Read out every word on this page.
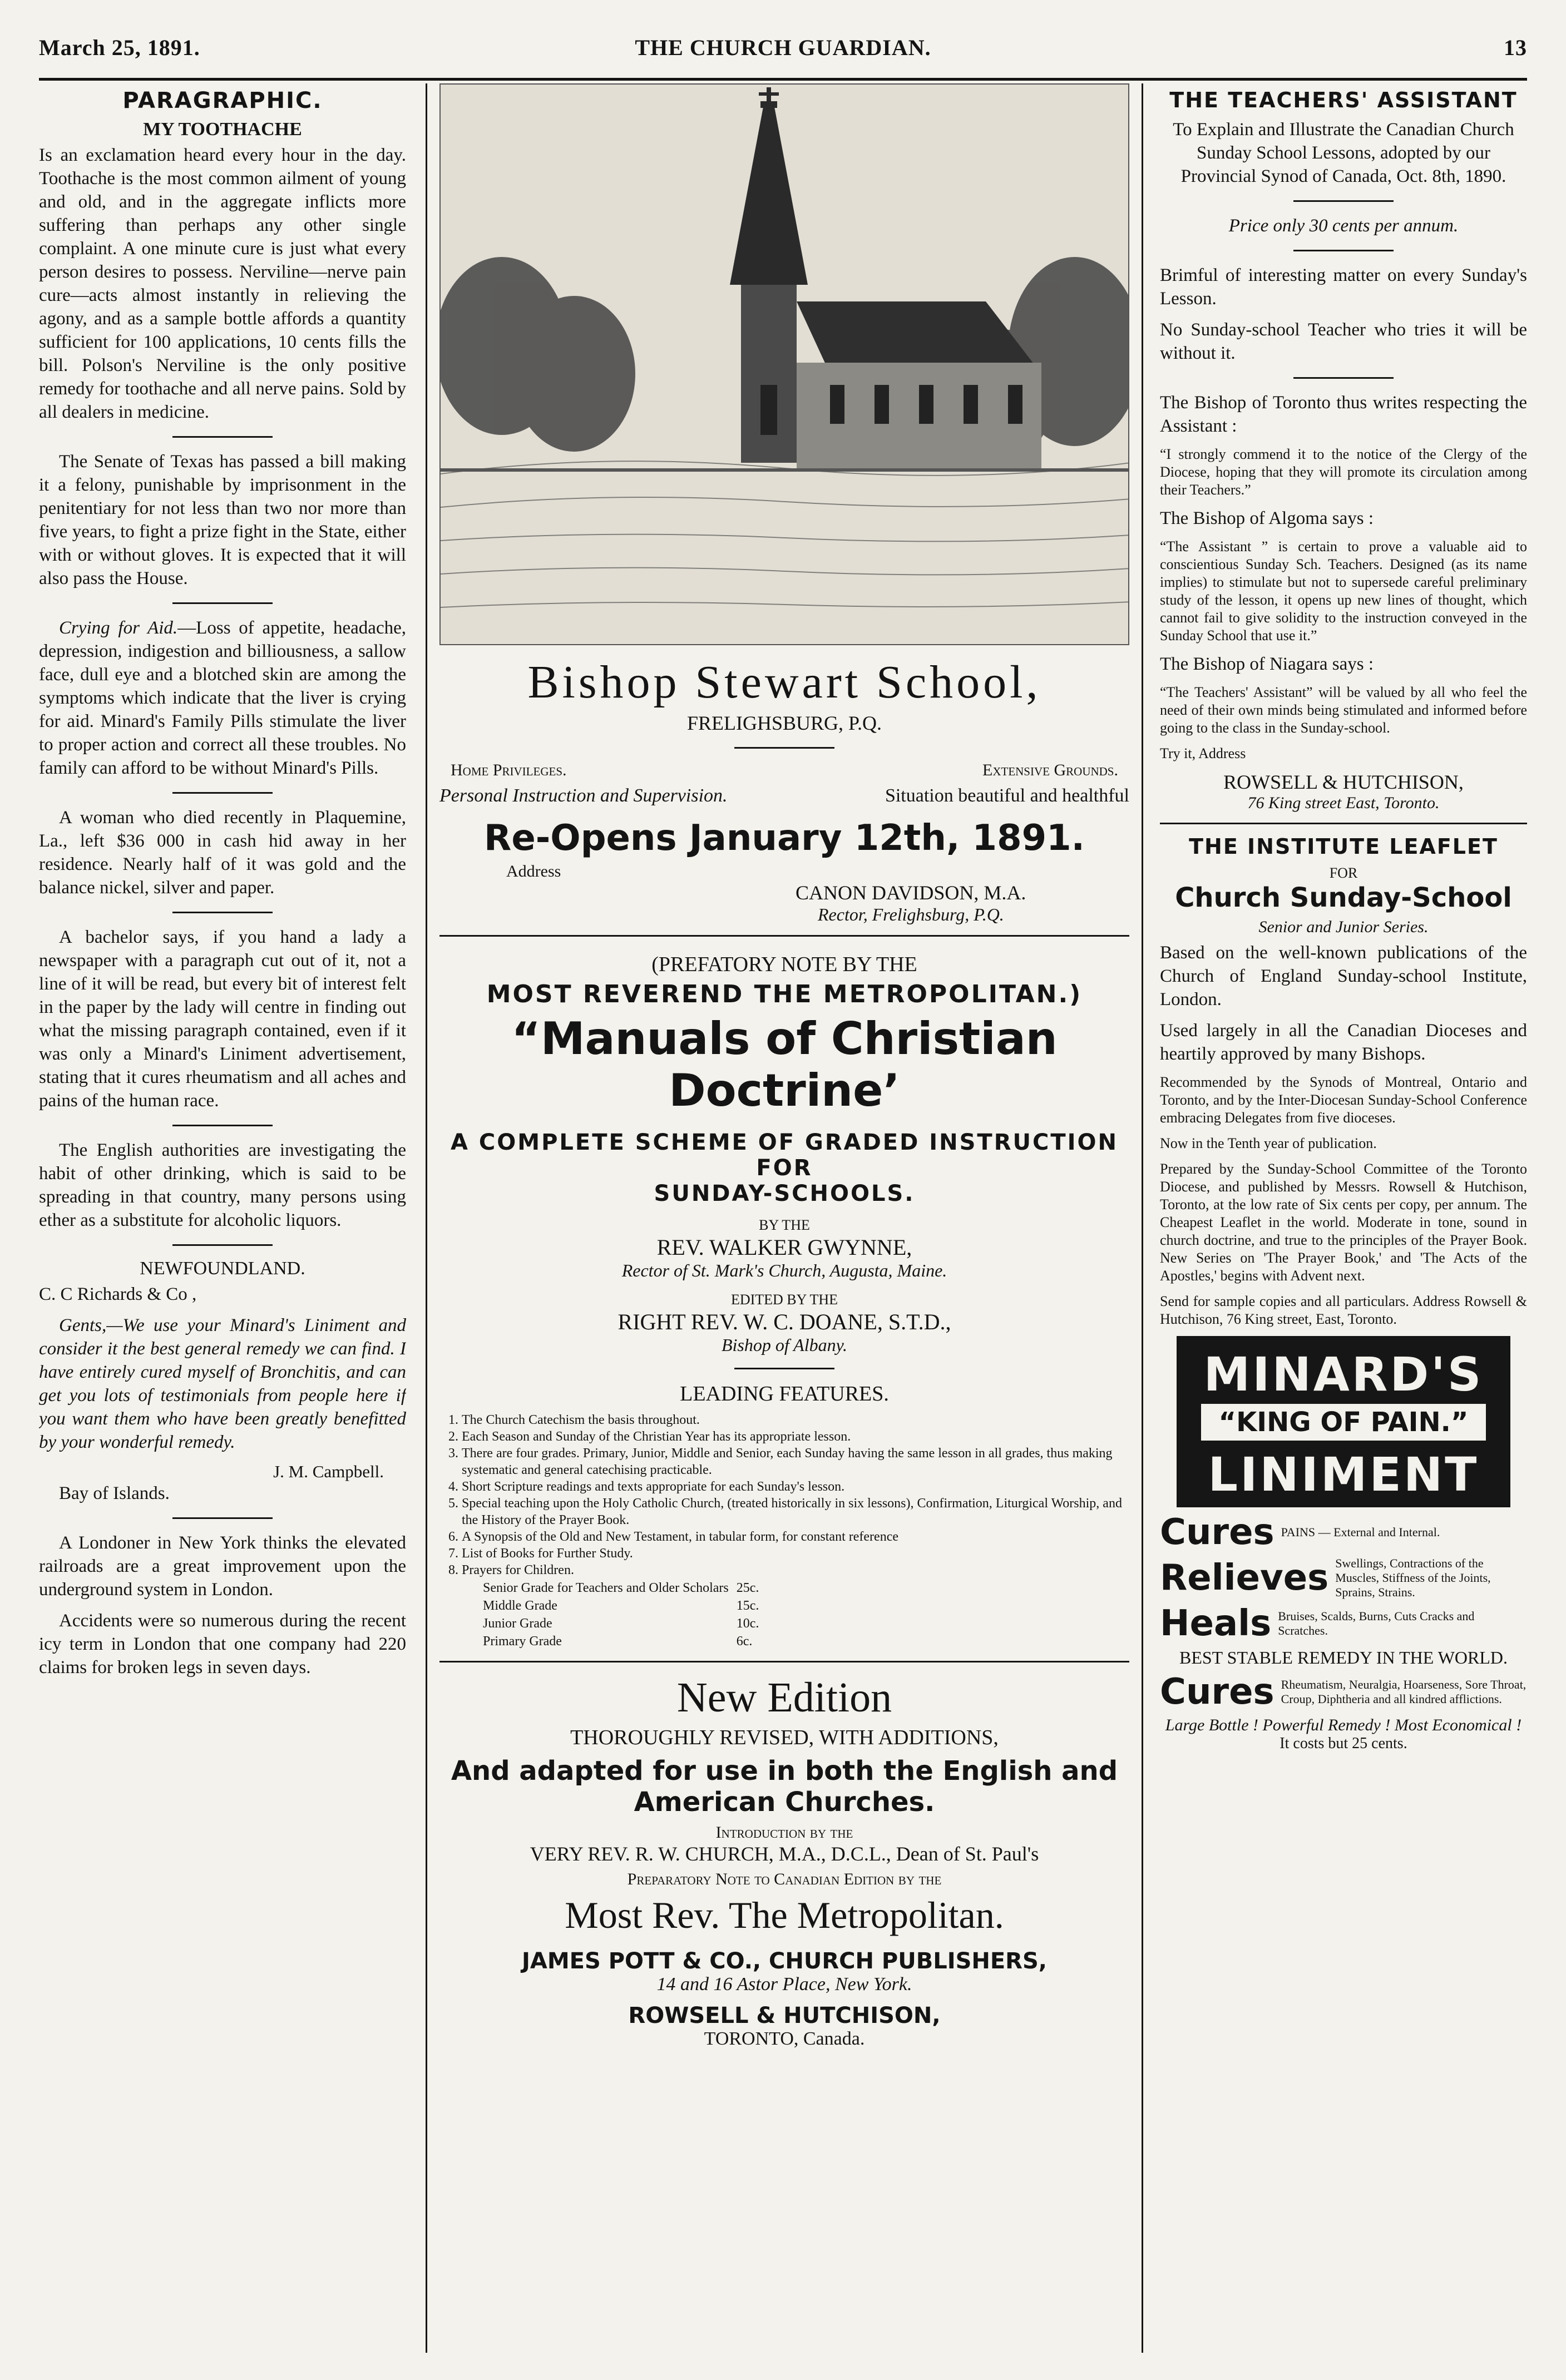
March 25, 1891.	THE CHURCH GUARDIAN.	13
PARAGRAPHIC.
MY TOOTHACHE

Is an exclamation heard every hour in the day. Toothache is the most common ailment of young and old, and in the aggregate inflicts more suffering than perhaps any other single complaint. A one minute cure is just what every person desires to possess. Nerviline—nerve pain cure—acts almost instantly in relieving the agony, and as a sample bottle affords a quantity sufficient for 100 applications, 10 cents fills the bill. Polson's Nerviline is the only positive remedy for toothache and all nerve pains. Sold by all dealers in medicine.

The Senate of Texas has passed a bill making it a felony, punishable by imprisonment in the penitentiary for not less than two nor more than five years, to fight a prize fight in the State, either with or without gloves. It is expected that it will also pass the House.

Crying for Aid.—Loss of appetite, headache, depression, indigestion and billiousness, a sallow face, dull eye and a blotched skin are among the symptoms which indicate that the liver is crying for aid. Minard's Family Pills stimulate the liver to proper action and correct all these troubles. No family can afford to be without Minard's Pills.

A woman who died recently in Plaquemine, La., left $36 000 in cash hid away in her residence. Nearly half of it was gold and the balance nickel, silver and paper.

A bachelor says, if you hand a lady a newspaper with a paragraph cut out of it, not a line of it will be read, but every bit of interest felt in the paper by the lady will centre in finding out what the missing paragraph contained, even if it was only a Minard's Liniment advertisement, stating that it cures rheumatism and all aches and pains of the human race.

The English authorities are investigating the habit of other drinking, which is said to be spreading in that country, many persons using ether as a substitute for alcoholic liquors.

NEWFOUNDLAND.

C. C Richards & Co ,

Gents,—We use your Minard's Liniment and consider it the best general remedy we can find. I have entirely cured myself of Bronchitis, and can get you lots of testimonials from people here if you want them who have been greatly benefitted by your wonderful remedy.

J. M. Campbell.

Bay of Islands.

A Londoner in New York thinks the elevated railroads are a great improvement upon the underground system in London.

Accidents were so numerous during the recent icy term in London that one company had 220 claims for broken legs in seven days.

Bishop Stewart School,
FRELIGHSBURG, P.Q.
Home Privileges.	Extensive Grounds.
Personal Instruction and Supervision.	Situation beautiful and healthful
Re-Opens January 12th, 1891.
Address
CANON DAVIDSON, M.A.
Rector, Frelighsburg, P.Q.
(PREFATORY NOTE BY THE
MOST REVEREND THE METROPOLITAN.)
“Manuals of Christian Doctrine’
A COMPLETE SCHEME OF GRADED INSTRUCTION FOR
SUNDAY-SCHOOLS.
BY THE
REV. WALKER GWYNNE,
Rector of St. Mark's Church, Augusta, Maine.
EDITED BY THE
RIGHT REV. W. C. DOANE, S.T.D.,
Bishop of Albany.
LEADING FEATURES.
1. The Church Catechism the basis throughout.
2. Each Season and Sunday of the Christian Year has its appropriate lesson.
3. There are four grades. Primary, Junior, Middle and Senior, each Sunday having the same lesson in all grades, thus making systematic and general catechising practicable.
4. Short Scripture readings and texts appropriate for each Sunday's lesson.
5. Special teaching upon the Holy Catholic Church, (treated historically in six lessons), Confirmation, Liturgical Worship, and the History of the Prayer Book.
6. A Synopsis of the Old and New Testament, in tabular form, for constant reference
7. List of Books for Further Study.
8. Prayers for Children.
Senior Grade for Teachers and Older Scholars	25c.
Middle Grade	15c.
Junior Grade	10c.
Primary Grade	6c.
New Edition
THOROUGHLY REVISED, WITH ADDITIONS,
And adapted for use in both the English and American Churches.
Introduction by the
VERY REV. R. W. CHURCH, M.A., D.C.L., Dean of St. Paul's
Preparatory Note to Canadian Edition by the
Most Rev. The Metropolitan.
JAMES POTT & CO., CHURCH PUBLISHERS,
14 and 16 Astor Place, New York.
ROWSELL & HUTCHISON,
TORONTO, Canada.
THE TEACHERS' ASSISTANT

To Explain and Illustrate the Canadian Church Sunday School Lessons, adopted by our Provincial Synod of Canada, Oct. 8th, 1890.

Price only 30 cents per annum.

Brimful of interesting matter on every Sunday's Lesson.

No Sunday-school Teacher who tries it will be without it.

The Bishop of Toronto thus writes respecting the Assistant :

“I strongly commend it to the notice of the Clergy of the Diocese, hoping that they will promote its circulation among their Teachers.”

The Bishop of Algoma says :

“The Assistant ” is certain to prove a valuable aid to conscientious Sunday Sch. Teachers. Designed (as its name implies) to stimulate but not to supersede careful preliminary study of the lesson, it opens up new lines of thought, which cannot fail to give solidity to the instruction conveyed in the Sunday School that use it.”

The Bishop of Niagara says :

“The Teachers' Assistant” will be valued by all who feel the need of their own minds being stimulated and informed before going to the class in the Sunday-school.

Try it, Address

ROWSELL & HUTCHISON,
76 King street East, Toronto.
THE INSTITUTE LEAFLET
FOR
Church Sunday-School
Senior and Junior Series.

Based on the well-known publications of the Church of England Sunday-school Institute, London.

Used largely in all the Canadian Dioceses and heartily approved by many Bishops.

Recommended by the Synods of Montreal, Ontario and Toronto, and by the Inter-Diocesan Sunday-School Conference embracing Delegates from five dioceses.

Now in the Tenth year of publication.

Prepared by the Sunday-School Committee of the Toronto Diocese, and published by Messrs. Rowsell & Hutchison, Toronto, at the low rate of Six cents per copy, per annum. The Cheapest Leaflet in the world. Moderate in tone, sound in church doctrine, and true to the principles of the Prayer Book. New Series on 'The Prayer Book,' and 'The Acts of the Apostles,' begins with Advent next.

Send for sample copies and all particulars. Address Rowsell & Hutchison, 76 King street, East, Toronto.

MINARD'S
“KING OF PAIN.”
LINIMENT
Cures PAINS — External and Internal.
Relieves Swellings, Contractions of the Muscles, Stiffness of the Joints, Sprains, Strains.
Heals Bruises, Scalds, Burns, Cuts Cracks and Scratches.
BEST STABLE REMEDY IN THE WORLD.
Cures Rheumatism, Neuralgia, Hoarseness, Sore Throat, Croup, Diphtheria and all kindred afflictions.
Large Bottle ! Powerful Remedy ! Most Economical !
It costs but 25 cents.
